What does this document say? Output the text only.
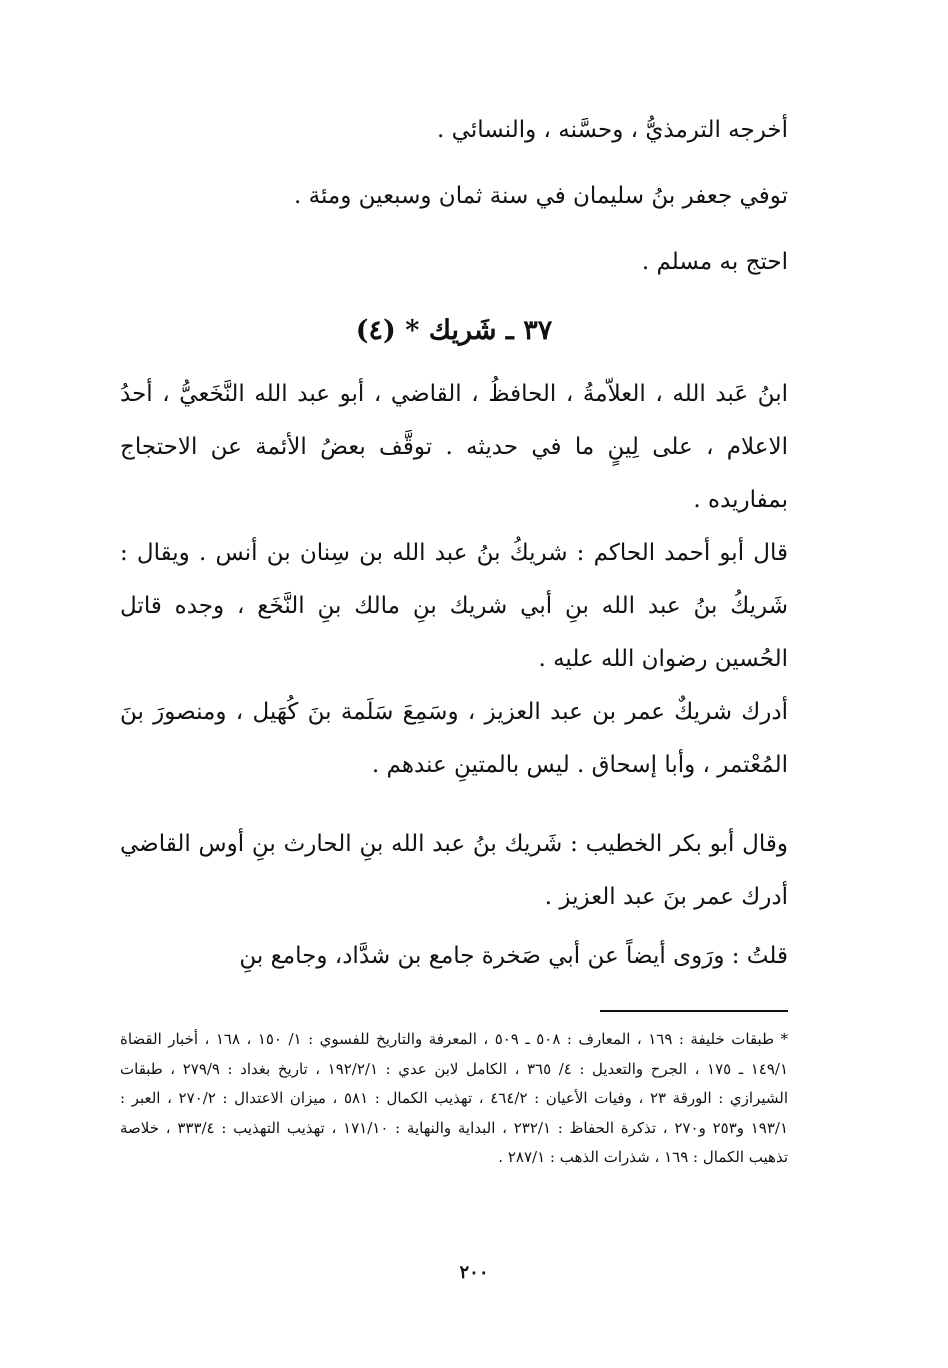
أخرجه الترمذيُّ ، وحسَّنه ، والنسائي .

توفي جعفر بنُ سليمان في سنة ثمان وسبعين ومئة .

احتج به مسلم .

٣٧ ـ شَريك * (٤)

ابنُ عَبد الله ، العلاّمةُ ، الحافظُ ، القاضي ، أبو عبد الله النَّخَعيُّ ، أحدُ الاعلام ، على لِينٍ ما في حديثه . توقَّف بعضُ الأئمة عن الاحتجاج بمفاريده .

قال أبو أحمد الحاكم : شريكُ بنُ عبد الله بن سِنان بن أنس . ويقال : شَريكُ بنُ عبد الله بنِ أبي شريك بنِ مالك بنِ النَّخَع ، وجده قاتل الحُسين رضوان الله عليه .

أدرك شريكٌ عمر بن عبد العزيز ، وسَمِعَ سَلَمة بنَ كُهَيل ، ومنصورَ بنَ المُعْتمر ، وأبا إسحاق . ليس بالمتينِ عندهم .

وقال أبو بكر الخطيب : شَريك بنُ عبد الله بنِ الحارث بنِ أوس القاضي أدرك عمر بنَ عبد العزيز .

قلتُ : ورَوى أيضاً عن أبي صَخرة جامع بن شدَّاد، وجامع بنِ

* طبقات خليفة : ١٦٩ ، المعارف : ٥٠٨ ـ ٥٠٩ ، المعرفة والتاريخ للفسوي : ١/ ١٥٠ ، ١٦٨ ، أخبار القضاة ١٤٩/١ ـ ١٧٥ ، الجرح والتعديل : ٤/ ٣٦٥ ، الكامل لابن عدي : ١٩٢/٢/١ ، تاريخ بغداد : ٢٧٩/٩ ، طبقات الشيرازي : الورقة ٢٣ ، وفيات الأعيان : ٤٦٤/٢ ، تهذيب الكمال : ٥٨١ ، ميزان الاعتدال : ٢٧٠/٢ ، العبر : ١٩٣/١ و٢٥٣ و٢٧٠ ، تذكرة الحفاظ : ٢٣٢/١ ، البداية والنهاية : ١٧١/١٠ ، تهذيب التهذيب : ٣٣٣/٤ ، خلاصة تذهيب الكمال : ١٦٩ ، شذرات الذهب : ٢٨٧/١ .

٢٠٠
